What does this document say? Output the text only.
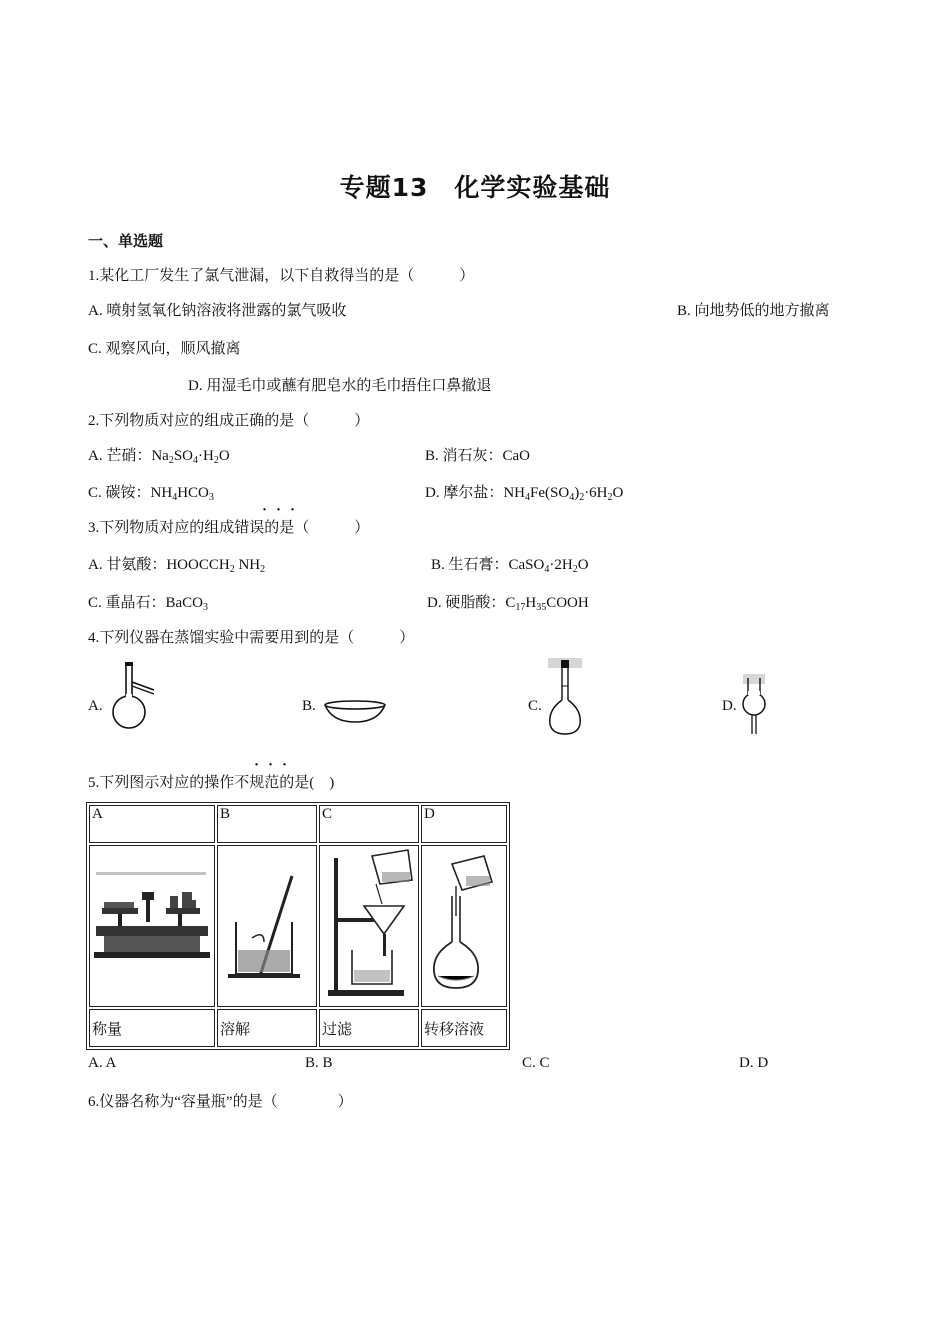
专题13　化学实验基础
一、单选题
1.某化工厂发生了氯气泄漏，以下自救得当的是（　　　）
A. 喷射氢氧化钠溶液将泄露的氯气吸收	B. 向地势低的地方撤离
C. 观察风向，顺风撤离
D. 用湿毛巾或蘸有肥皂水的毛巾捂住口鼻撤退
2.下列物质对应的组成正确的是（　　　）
A. 芒硝：$Na_2SO_4\cdot H_2O$	B. 消石灰：CaO
C. 碳铵：$NH_4HCO_3$	D. 摩尔盐：$NH_4Fe(SO_4)_2\cdot 6H_2O$
3.下列物质对应的组成错误的是（　　　）
···
A. 甘氨酸：$HOOCCH_2$ $NH_2$	B. 生石膏：$CaSO_4\cdot 2H_2O$
C. 重晶石：BaCO$_3$	D. 硬脂酸：$C_{17}H_{35}COOH$
4.下列仪器在蒸馏实验中需要用到的是（　　　）
A.	B.	C.	D.
5.下列图示对应的操作不规范的是(　)
···
A	B	C	D

称量	溶解	过滤	转移溶液
A. A	B. B	C. C	D. D
6.仪器名称为“容量瓶”的是（　　　　）
